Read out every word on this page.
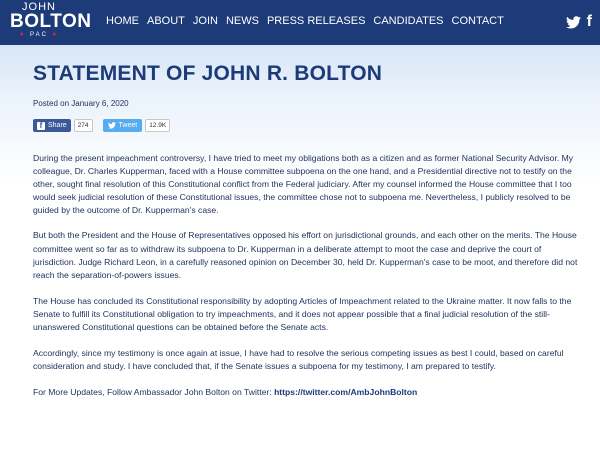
JOHN
BOLTON
★ PAC ★
HOME ABOUT JOIN NEWS PRESS RELEASES CANDIDATES CONTACT	f
STATEMENT OF JOHN R. BOLTON
Posted on January 6, 2020
f Share	274	Tweet	12.9K

During the present impeachment controversy, I have tried to meet my obligations both as a citizen and as former National Security Advisor. My colleague, Dr. Charles Kupperman, faced with a House committee subpoena on the one hand, and a Presidential directive not to testify on the other, sought final resolution of this Constitutional conflict from the Federal judiciary. After my counsel informed the House committee that I too would seek judicial resolution of these Constitutional issues, the committee chose not to subpoena me. Nevertheless, I publicly resolved to be guided by the outcome of Dr. Kupperman's case.

But both the President and the House of Representatives opposed his effort on jurisdictional grounds, and each other on the merits. The House committee went so far as to withdraw its subpoena to Dr. Kupperman in a deliberate attempt to moot the case and deprive the court of jurisdiction. Judge Richard Leon, in a carefully reasoned opinion on December 30, held Dr. Kupperman's case to be moot, and therefore did not reach the separation-of-powers issues.

The House has concluded its Constitutional responsibility by adopting Articles of Impeachment related to the Ukraine matter. It now falls to the Senate to fulfill its Constitutional obligation to try impeachments, and it does not appear possible that a final judicial resolution of the still-unanswered Constitutional questions can be obtained before the Senate acts.

Accordingly, since my testimony is once again at issue, I have had to resolve the serious competing issues as best I could, based on careful consideration and study. I have concluded that, if the Senate issues a subpoena for my testimony, I am prepared to testify.

For More Updates, Follow Ambassador John Bolton on Twitter: https://twitter.com/AmbJohnBolton
